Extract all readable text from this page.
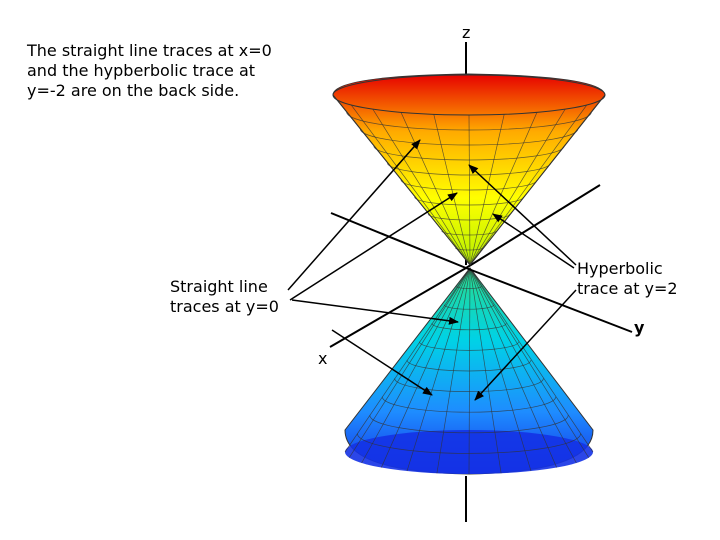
The straight line traces at x=0
and the hypberbolic trace at
y=-2 are on the back side.
Straight line
traces at y=0
Hyperbolic
trace at y=2
z
y
x
